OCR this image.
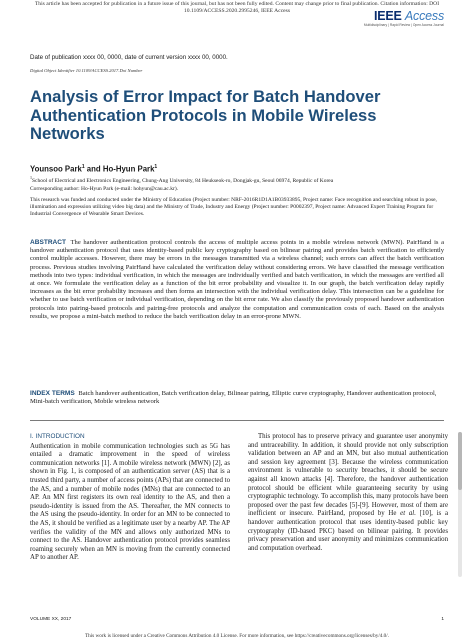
This article has been accepted for publication in a future issue of this journal, but has not been fully edited. Content may change prior to final publication. Citation information: DOI
10.1109/ACCESS.2020.2995246, IEEE Access	IEEE Access
Multidisciplinary | Rapid Review | Open Access Journal
Date of publication xxxx 00, 0000, date of current version xxxx 00, 0000.
Digital Object Identifier 10.1109/ACCESS.2017.Doi Number
Analysis of Error Impact for Batch Handover Authentication Protocols in Mobile Wireless Networks
Younsoo Park$^1$ and Ho-Hyun Park$^1$
$^1$School of Electrical and Electronics Engineering, Chung-Ang University, 84 Heukseok-ro, Dongjak-gu, Seoul 06974, Republic of Korea
Corresponding author: Ho-Hyun Park (e-mail: hohyun@cau.ac.kr).
This research was funded and conducted under the Ministry of Education (Project number: NRF-2016R1D1A1B03933895, Project name: Face recognition and searching robust in pose, illumination and expression utilizing video big data) and the Ministry of Trade, Industry and Energy (Project number: P0002397, Project name: Advanced Expert Training Program for Industrial Convergence of Wearable Smart Devices.
ABSTRACT The handover authentication protocol controls the access of multiple access points in a mobile wireless network (MWN). PairHand is a handover authentication protocol that uses identity-based public key cryptography based on bilinear pairing and provides batch verification to efficiently control multiple accesses. However, there may be errors in the messages transmitted via a wireless channel; such errors can affect the batch verification process. Previous studies involving PairHand have calculated the verification delay without considering errors. We have classified the message verification methods into two types: individual verification, in which the messages are individually verified and batch verification, in which the messages are verified all at once. We formulate the verification delay as a function of the bit error probability and visualize it. In our graph, the batch verification delay rapidly increases as the bit error probability increases and then forms an intersection with the individual verification delay. This intersection can be a guideline for whether to use batch verification or individual verification, depending on the bit error rate. We also classify the previously proposed handover authentication protocols into pairing-based protocols and pairing-free protocols and analyze the computation and communication costs of each. Based on the analysis results, we propose a mini-batch method to reduce the batch verification delay in an error-prone MWN.
INDEX TERMS Batch handover authentication, Batch verification delay, Bilinear pairing, Elliptic curve cryptography, Handover authentication protocol, Mini-batch verification, Mobile wireless network
I. INTRODUCTION

Authentication in mobile communication technologies such as 5G has entailed a dramatic improvement in the speed of wireless communication networks [1]. A mobile wireless network (MWN) [2], as shown in Fig. 1, is composed of an authentication server (AS) that is a trusted third party, a number of access points (APs) that are connected to the AS, and a number of mobile nodes (MNs) that are connected to an AP. An MN first registers its own real identity to the AS, and then a pseudo-identity is issued from the AS. Thereafter, the MN connects to the AS using the pseudo-identity. In order for an MN to be connected to the AS, it should be verified as a legitimate user by a nearby AP. The AP verifies the validity of the MN and allows only authorized MNs to connect to the AS. Handover authentication protocol provides seamless roaming securely when an MN is moving from the currently connected AP to another AP.

This protocol has to preserve privacy and guarantee user anonymity and untraceability. In addition, it should provide not only subscription validation between an AP and an MN, but also mutual authentication and session key agreement [3]. Because the wireless communication environment is vulnerable to security breaches, it should be secure against all known attacks [4]. Therefore, the handover authentication protocol should be efficient while guaranteeing security by using cryptographic technology. To accomplish this, many protocols have been proposed over the past few decades [5]-[9]. However, most of them are inefficient or insecure. PairHand, proposed by He et al. [10], is a handover authentication protocol that uses identity-based public key cryptography (ID-based PKC) based on bilinear pairing. It provides privacy preservation and user anonymity and minimizes communication and computation overhead.

VOLUME XX, 2017	1
This work is licensed under a Creative Commons Attribution 4.0 License. For more information, see https://creativecommons.org/licenses/by/4.0/.
